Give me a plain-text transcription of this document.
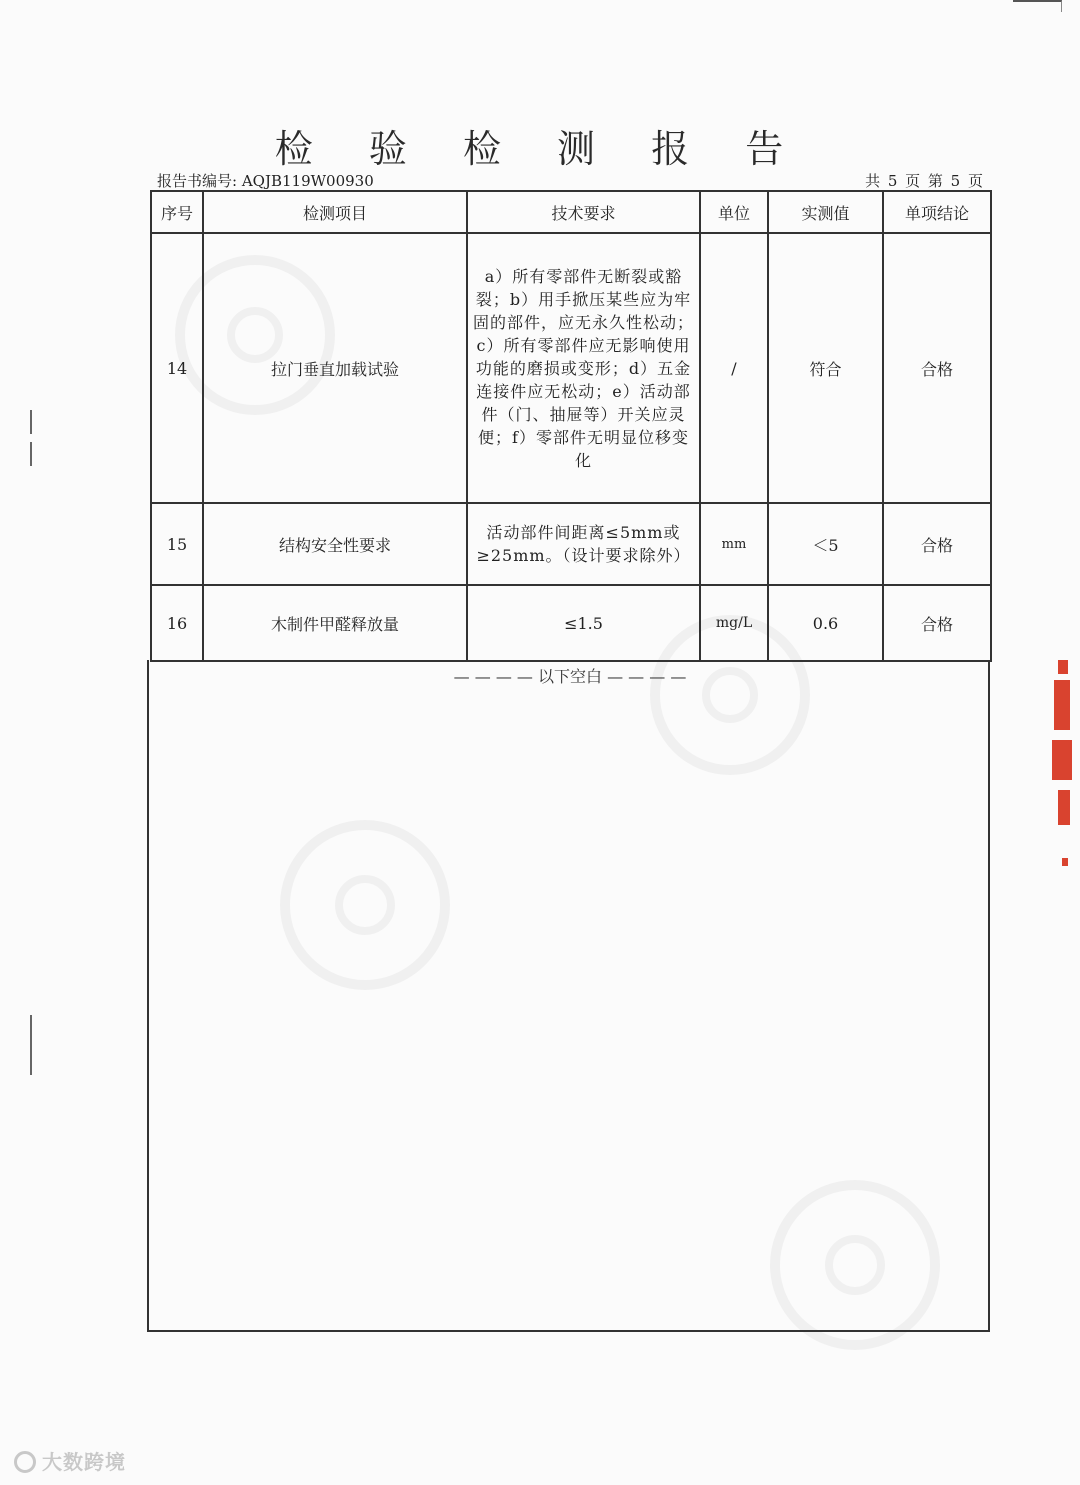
检 验 检 测 报 告
报告书编号: AQJB119W00930	共 5 页 第 5 页
序号	检测项目	技术要求	单位	实测值	单项结论
14	拉门垂直加载试验	a）所有零部件无断裂或豁裂；b）用手掀压某些应为牢固的部件，应无永久性松动；c）所有零部件应无影响使用功能的磨损或变形；d）五金连接件应无松动；e）活动部件（门、抽屉等）开关应灵便；f）零部件无明显位移变化	/	符合	合格
15	结构安全性要求	活动部件间距离≤5mm或≥25mm。（设计要求除外）	mm	＜5	合格
16	木制件甲醛释放量	≤1.5	mg/L	0.6	合格
— — — — 以下空白 — — — —
大数跨境
